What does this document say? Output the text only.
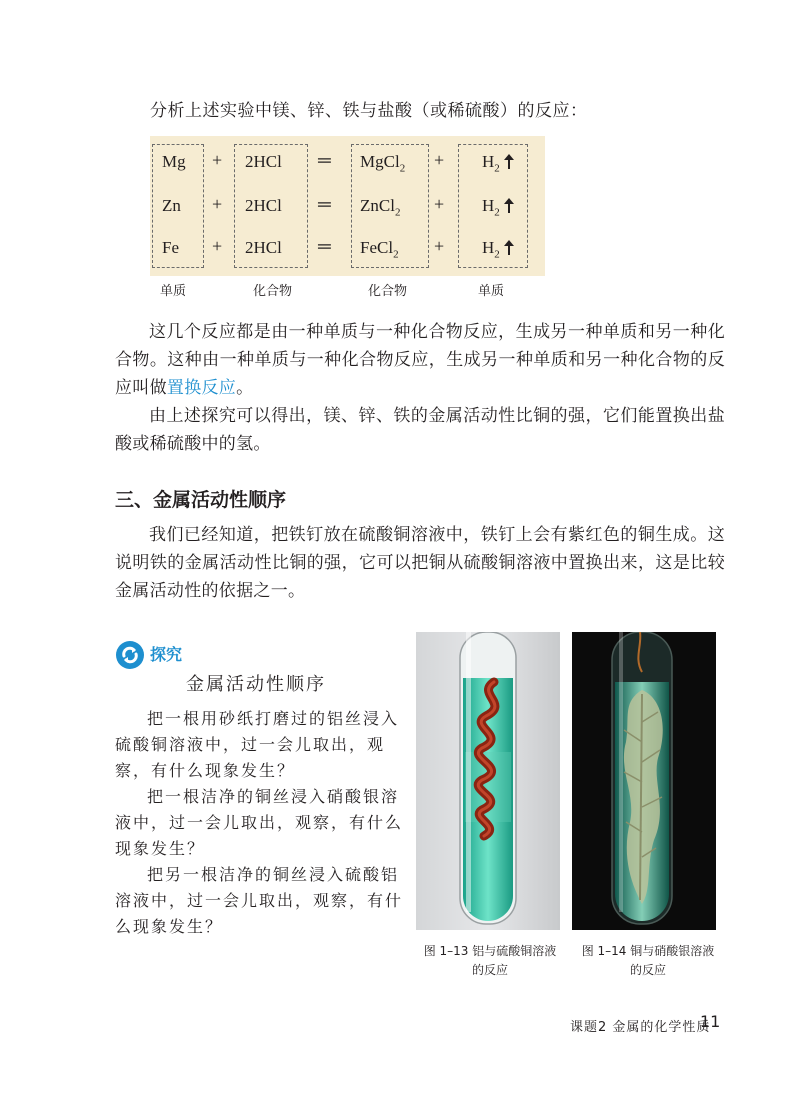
分析上述实验中镁、锌、铁与盐酸（或稀硫酸）的反应：
Mg + 2HCl ═ MgCl$_2$ + $H_2$
Zn + 2HCl ═ ZnCl$_2$ + $H_2$
Fe + 2HCl ═ FeCl$_2$ + $H_2$
单质	化合物	化合物	单质
这几个反应都是由一种单质与一种化合物反应，生成另一种单质和另一种化合物。这种由一种单质与一种化合物反应，生成另一种单质和另一种化合物的反应叫做置换反应。
由上述探究可以得出，镁、锌、铁的金属活动性比铜的强，它们能置换出盐酸或稀硫酸中的氢。
三、金属活动性顺序
我们已经知道，把铁钉放在硫酸铜溶液中，铁钉上会有紫红色的铜生成。这说明铁的金属活动性比铜的强，它可以把铜从硫酸铜溶液中置换出来，这是比较金属活动性的依据之一。
探究
金属活动性顺序
把一根用砂纸打磨过的铝丝浸入硫酸铜溶液中，过一会儿取出，观察，有什么现象发生？
把一根洁净的铜丝浸入硝酸银溶液中，过一会儿取出，观察，有什么现象发生？
把另一根洁净的铜丝浸入硫酸铝溶液中，过一会儿取出，观察，有什么现象发生？
图 1–13 铝与硫酸铜溶液
的反应
图 1–14 铜与硝酸银溶液
的反应
课题2 金属的化学性质
11
